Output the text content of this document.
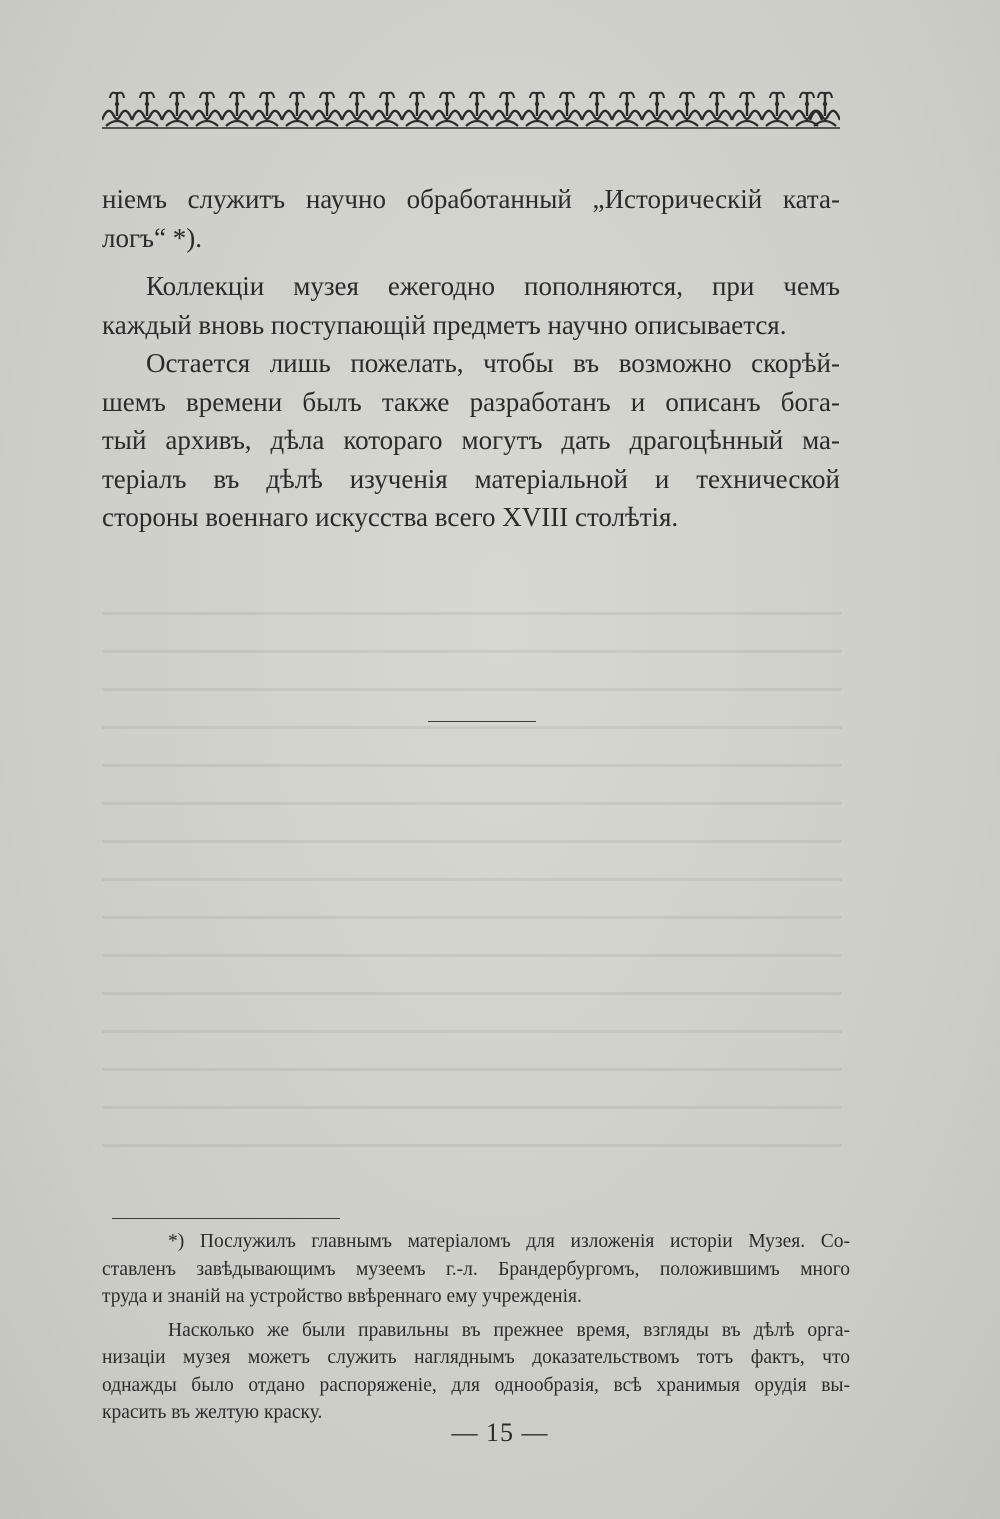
ніемъ служитъ научно обработанный „Историческій ката-
логъ“ *).

Коллекціи музея ежегодно пополняются, при чемъ
каждый вновь поступающій предметъ научно описывается.

Остается лишь пожелать, чтобы въ возможно скорѣй-
шемъ времени былъ также разработанъ и описанъ бога-
тый архивъ, дѣла котораго могутъ дать драгоцѣнный ма-
теріалъ въ дѣлѣ изученія матеріальной и технической
стороны военнаго искусства всего XVIII столѣтія.

*) Послужилъ главнымъ матеріаломъ для изложенія исторіи Музея. Со-
ставленъ завѣдывающимъ музеемъ г.-л. Брандербургомъ, положившимъ много
труда и знаній на устройство ввѣреннаго ему учрежденія.

Насколько же были правильны въ прежнее время, взгляды въ дѣлѣ орга-
низаціи музея можетъ служить нагляднымъ доказательствомъ тотъ фактъ, что
однажды было отдано распоряженіе, для однообразія, всѣ хранимыя орудія вы-
красить въ желтую краску.

— 15 —
